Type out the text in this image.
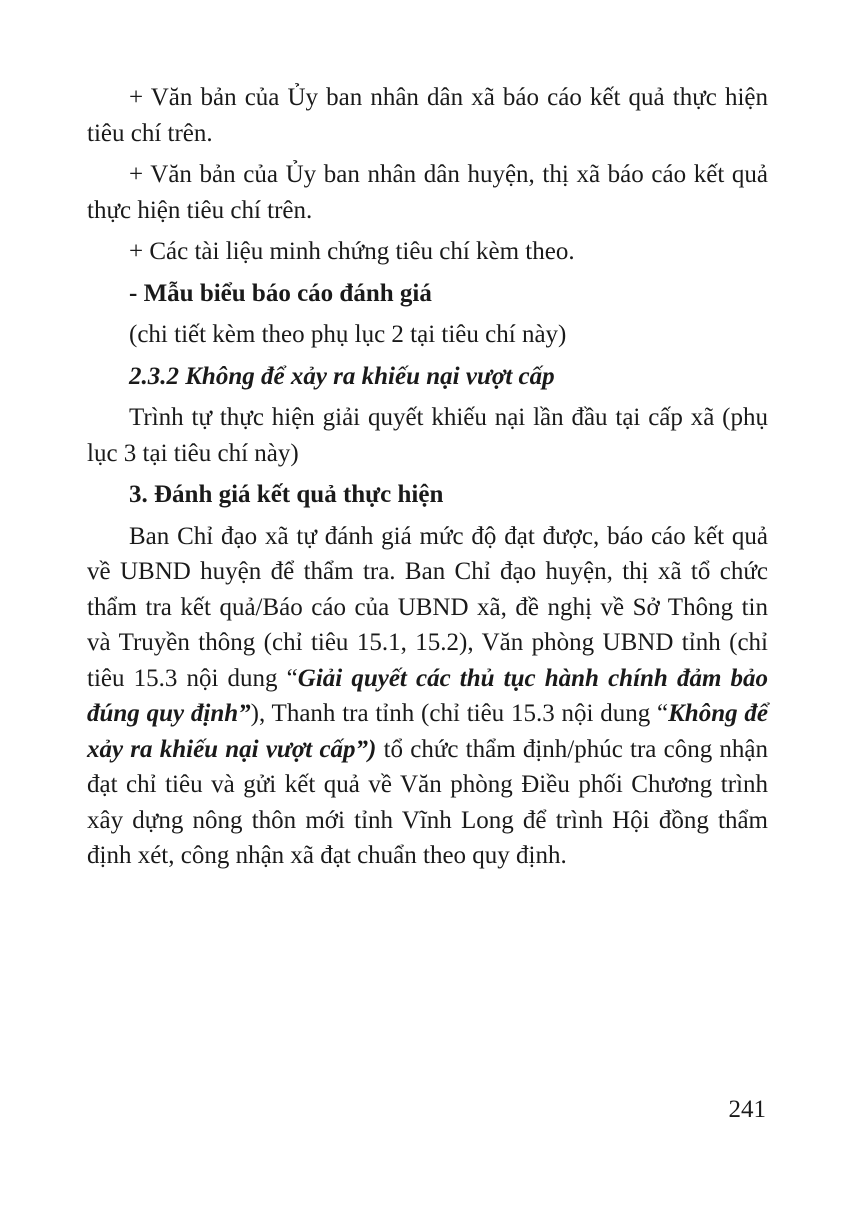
+ Văn bản của Ủy ban nhân dân xã báo cáo kết quả thực hiện tiêu chí trên.

+ Văn bản của Ủy ban nhân dân huyện, thị xã báo cáo kết quả thực hiện tiêu chí trên.

+ Các tài liệu minh chứng tiêu chí kèm theo.

- Mẫu biểu báo cáo đánh giá

(chi tiết kèm theo phụ lục 2 tại tiêu chí này)

2.3.2 Không để xảy ra khiếu nại vượt cấp

Trình tự thực hiện giải quyết khiếu nại lần đầu tại cấp xã (phụ lục 3 tại tiêu chí này)

3. Đánh giá kết quả thực hiện

Ban Chỉ đạo xã tự đánh giá mức độ đạt được, báo cáo kết quả về UBND huyện để thẩm tra. Ban Chỉ đạo huyện, thị xã tổ chức thẩm tra kết quả/Báo cáo của UBND xã, đề nghị về Sở Thông tin và Truyền thông (chỉ tiêu 15.1, 15.2), Văn phòng UBND tỉnh (chỉ tiêu 15.3 nội dung “Giải quyết các thủ tục hành chính đảm bảo đúng quy định”), Thanh tra tỉnh (chỉ tiêu 15.3 nội dung “Không để xảy ra khiếu nại vượt cấp”) tổ chức thẩm định/phúc tra công nhận đạt chỉ tiêu và gửi kết quả về Văn phòng Điều phối Chương trình xây dựng nông thôn mới tỉnh Vĩnh Long để trình Hội đồng thẩm định xét, công nhận xã đạt chuẩn theo quy định.

241
